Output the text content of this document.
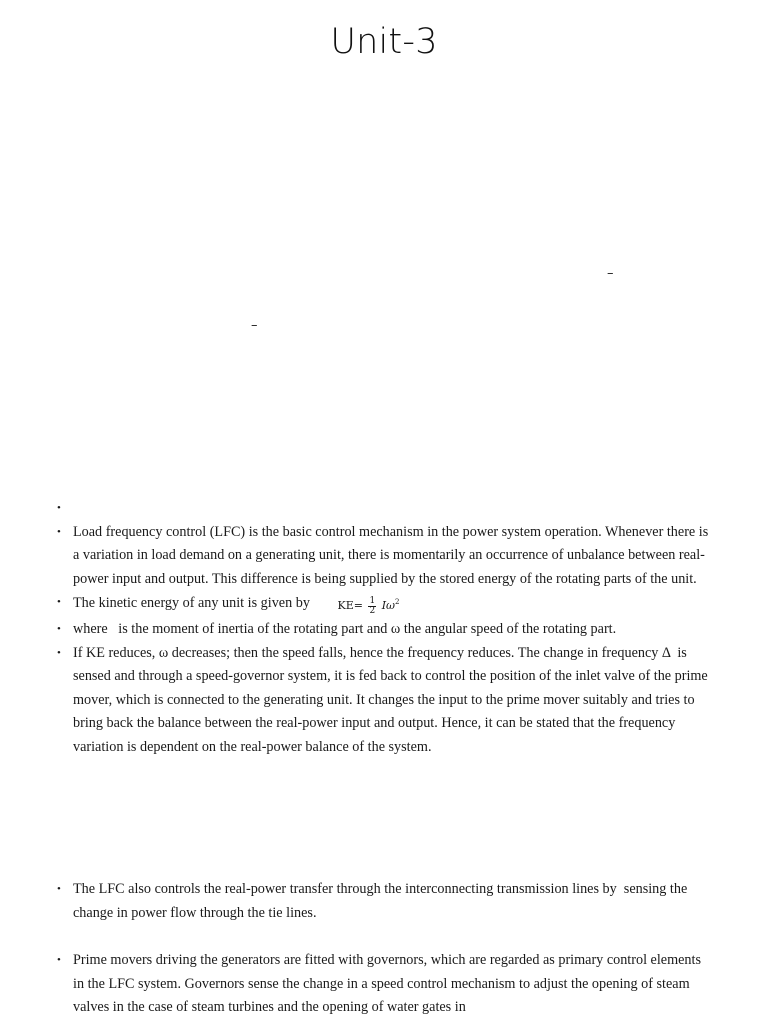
Unit-3
–
–
•

• Load frequency control (LFC) is the basic control mechanism in the power system operation. Whenever there is a variation in load demand on a generating unit, there is momentarily an occurrence of unbalance between real-power input and output. This difference is being supplied by the stored energy of the rotating parts of the unit.
• The kinetic energy of any unit is given by	$KE= \frac{1}{2} I\omega^2$
• where   is the moment of inertia of the rotating part and ω the angular speed of the rotating part.
• If KE reduces, ω decreases; then the speed falls, hence the frequency reduces. The change in frequency Δ  is sensed and through a speed-governor system, it is fed back to control the position of the inlet valve of the prime mover, which is connected to the generating unit. It changes the input to the prime mover suitably and tries to bring back the balance between the real-power input and output. Hence, it can be stated that the frequency variation is dependent on the real-power balance of the system.
• The LFC also controls the real-power transfer through the interconnecting transmission lines by  sensing the change in power flow through the tie lines.
• Prime movers driving the generators are fitted with governors, which are regarded as primary control elements in the LFC system. Governors sense the change in a speed control mechanism to adjust the opening of steam valves in the case of steam turbines and the opening of water gates in
